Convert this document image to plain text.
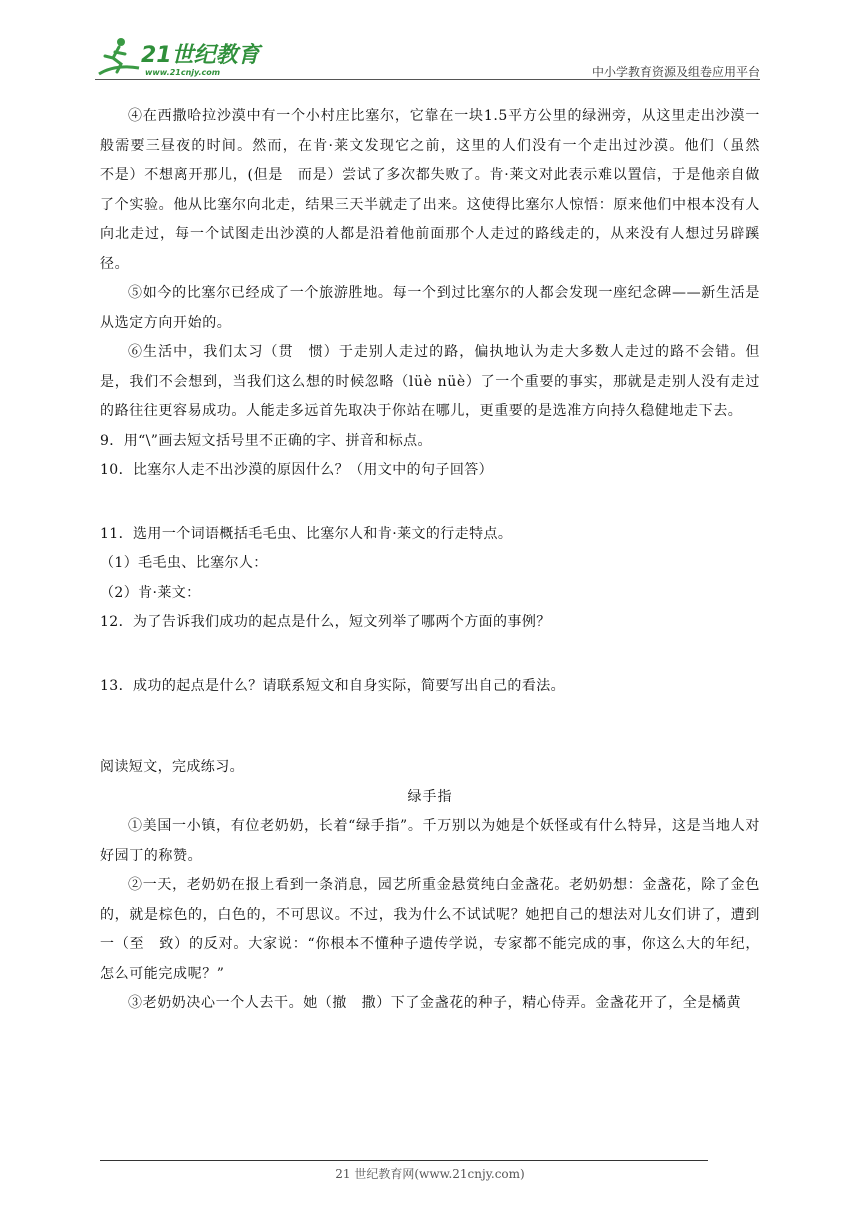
21世纪教育
www.21cnjy.com	中小学教育资源及组卷应用平台

④在西撒哈拉沙漠中有一个小村庄比塞尔，它靠在一块1.5平方公里的绿洲旁，从这里走出沙漠一般需要三昼夜的时间。然而，在肯·莱文发现它之前，这里的人们没有一个走出过沙漠。他们（虽然　不是）不想离开那儿，(但是　而是）尝试了多次都失败了。肯·莱文对此表示难以置信，于是他亲自做了个实验。他从比塞尔向北走，结果三天半就走了出来。这使得比塞尔人惊悟：原来他们中根本没有人向北走过，每一个试图走出沙漠的人都是沿着他前面那个人走过的路线走的，从来没有人想过另辟蹊径。

⑤如今的比塞尔已经成了一个旅游胜地。每一个到过比塞尔的人都会发现一座纪念碑——新生活是从选定方向开始的。

⑥生活中，我们太习（贯　惯）于走别人走过的路，偏执地认为走大多数人走过的路不会错。但是，我们不会想到，当我们这么想的时候忽略（lüè nüè）了一个重要的事实，那就是走别人没有走过的路往往更容易成功。人能走多远首先取决于你站在哪儿，更重要的是选准方向持久稳健地走下去。

9．用“\”画去短文括号里不正确的字、拼音和标点。

10．比塞尔人走不出沙漠的原因什么？（用文中的句子回答）

11．选用一个词语概括毛毛虫、比塞尔人和肯·莱文的行走特点。

（1）毛毛虫、比塞尔人：

（2）肯·莱文：

12．为了告诉我们成功的起点是什么，短文列举了哪两个方面的事例？

13．成功的起点是什么？请联系短文和自身实际，简要写出自己的看法。

阅读短文，完成练习。

绿手指

①美国一小镇，有位老奶奶，长着“绿手指”。千万别以为她是个妖怪或有什么特异，这是当地人对好园丁的称赞。

②一天，老奶奶在报上看到一条消息，园艺所重金悬赏纯白金盏花。老奶奶想：金盏花，除了金色的，就是棕色的，白色的，不可思议。不过，我为什么不试试呢？她把自己的想法对儿女们讲了，遭到一（至　致）的反对。大家说：“你根本不懂种子遗传学说，专家都不能完成的事，你这么大的年纪，怎么可能完成呢？”

③老奶奶决心一个人去干。她（撤　撒）下了金盏花的种子，精心侍弄。金盏花开了，全是橘黄

21 世纪教育网(www.21cnjy.com)
